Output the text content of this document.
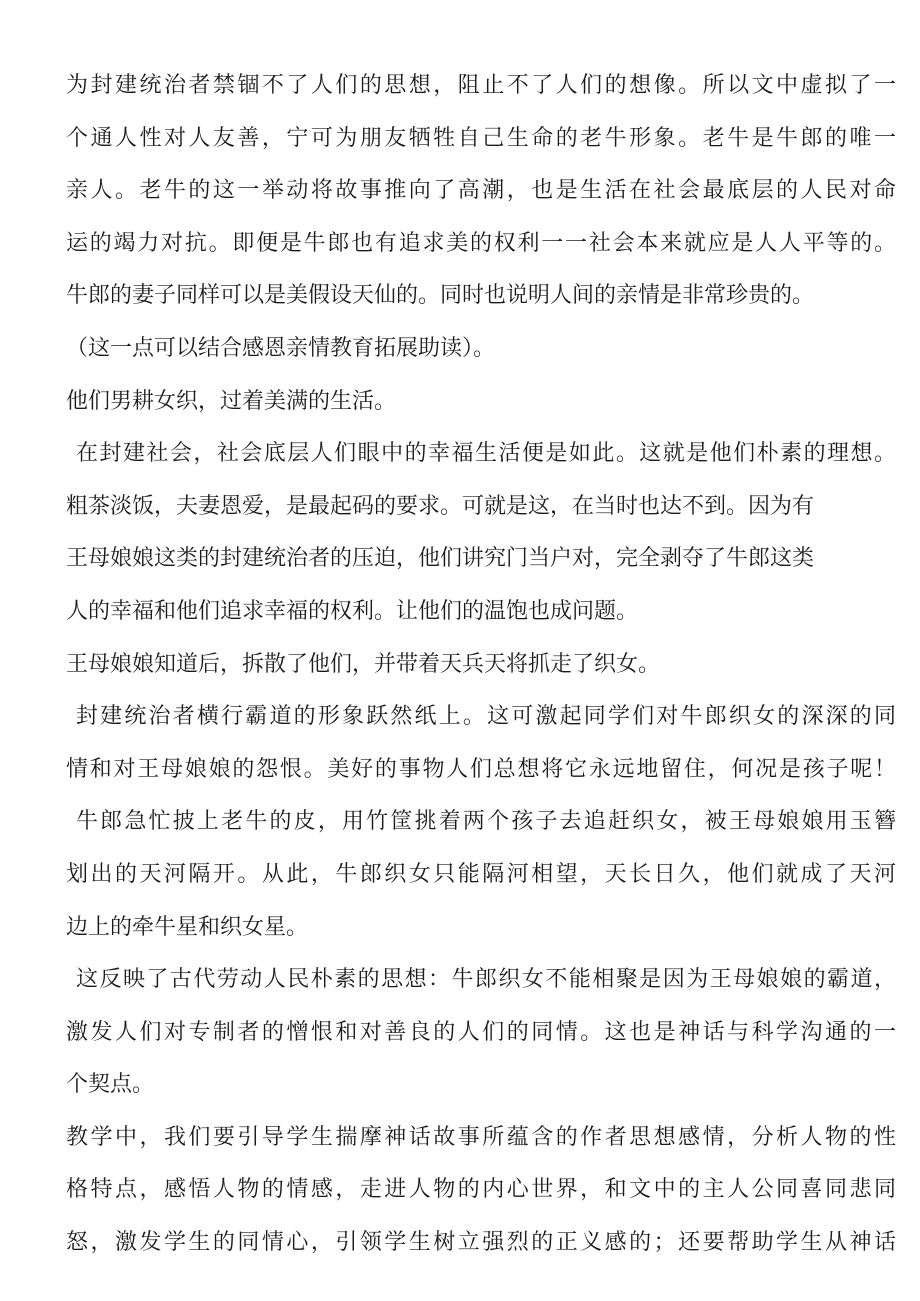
为封建统治者禁锢不了人们的思想，阻止不了人们的想像。所以文中虚拟了一
个通人性对人友善，宁可为朋友牺牲自己生命的老牛形象。老牛是牛郎的唯一
亲人。老牛的这一举动将故事推向了高潮，也是生活在社会最底层的人民对命
运的竭力对抗。即便是牛郎也有追求美的权利一一社会本来就应是人人平等的。
牛郎的妻子同样可以是美假设天仙的。同时也说明人间的亲情是非常珍贵的。
（这一点可以结合感恩亲情教育拓展助读）。
他们男耕女织，过着美满的生活。
在封建社会，社会底层人们眼中的幸福生活便是如此。这就是他们朴素的理想。
粗茶淡饭，夫妻恩爱，是最起码的要求。可就是这，在当时也达不到。因为有
王母娘娘这类的封建统治者的压迫，他们讲究门当户对，完全剥夺了牛郎这类
人的幸福和他们追求幸福的权利。让他们的温饱也成问题。
王母娘娘知道后，拆散了他们，并带着天兵天将抓走了织女。
封建统治者横行霸道的形象跃然纸上。这可激起同学们对牛郎织女的深深的同
情和对王母娘娘的怨恨。美好的事物人们总想将它永远地留住，何况是孩子呢！
牛郎急忙披上老牛的皮，用竹筐挑着两个孩子去追赶织女，被王母娘娘用玉簪
划出的天河隔开。从此，牛郎织女只能隔河相望，天长日久，他们就成了天河
边上的牵牛星和织女星。
这反映了古代劳动人民朴素的思想：牛郎织女不能相聚是因为王母娘娘的霸道，
激发人们对专制者的憎恨和对善良的人们的同情。这也是神话与科学沟通的一
个契点。
教学中，我们要引导学生揣摩神话故事所蕴含的作者思想感情，分析人物的性
格特点，感悟人物的情感，走进人物的内心世界，和文中的主人公同喜同悲同
怒，激发学生的同情心，引领学生树立强烈的正义感的；还要帮助学生从神话
